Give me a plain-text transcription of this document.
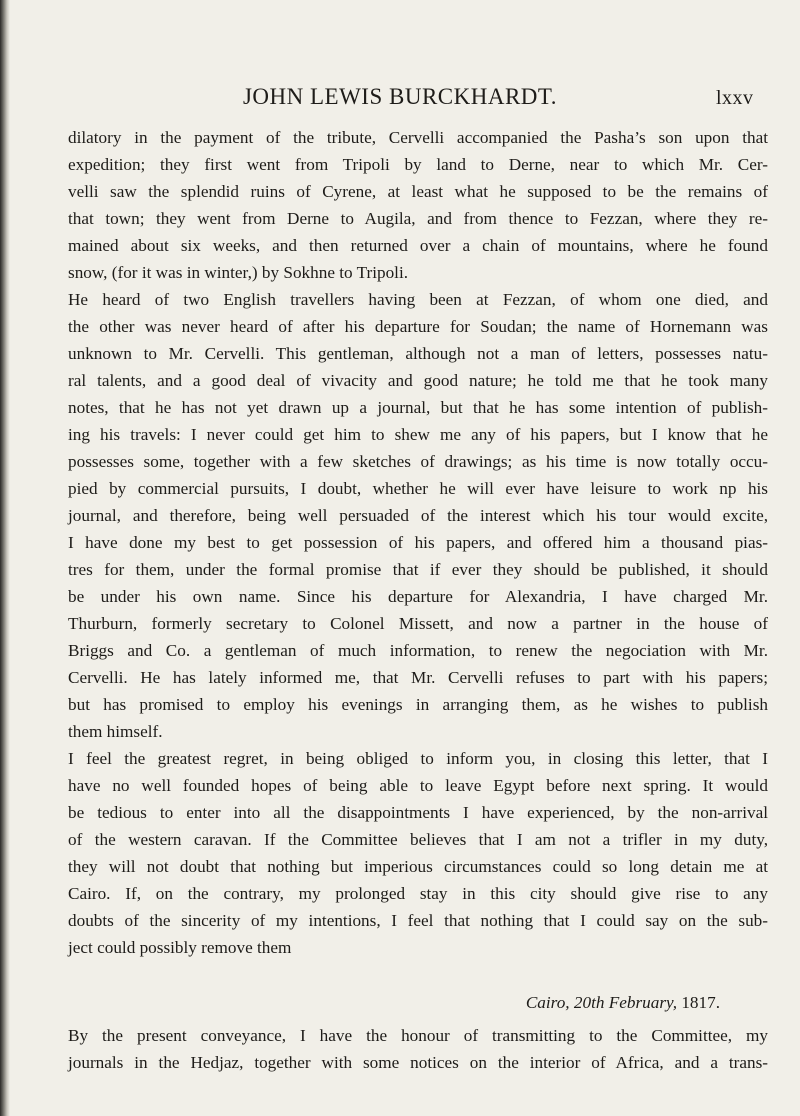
JOHN LEWIS BURCKHARDT.	lxxv
dilatory in the payment of the tribute, Cervelli accompanied the Pasha’s son upon that
expedition; they first went from Tripoli by land to Derne, near to which Mr. Cer-
velli saw the splendid ruins of Cyrene, at least what he supposed to be the remains of
that town; they went from Derne to Augila, and from thence to Fezzan, where they re-
mained about six weeks, and then returned over a chain of mountains, where he found
snow, (for it was in winter,) by Sokhne to Tripoli.
He heard of two English travellers having been at Fezzan, of whom one died, and
the other was never heard of after his departure for Soudan; the name of Hornemann was
unknown to Mr. Cervelli. This gentleman, although not a man of letters, possesses natu-
ral talents, and a good deal of vivacity and good nature; he told me that he took many
notes, that he has not yet drawn up a journal, but that he has some intention of publish-
ing his travels: I never could get him to shew me any of his papers, but I know that he
possesses some, together with a few sketches of drawings; as his time is now totally occu-
pied by commercial pursuits, I doubt, whether he will ever have leisure to work np his
journal, and therefore, being well persuaded of the interest which his tour would excite,
I have done my best to get possession of his papers, and offered him a thousand pias-
tres for them, under the formal promise that if ever they should be published, it should
be under his own name. Since his departure for Alexandria, I have charged Mr.
Thurburn, formerly secretary to Colonel Missett, and now a partner in the house of
Briggs and Co. a gentleman of much information, to renew the negociation with Mr.
Cervelli. He has lately informed me, that Mr. Cervelli refuses to part with his papers;
but has promised to employ his evenings in arranging them, as he wishes to publish
them himself.
I feel the greatest regret, in being obliged to inform you, in closing this letter, that I
have no well founded hopes of being able to leave Egypt before next spring. It would
be tedious to enter into all the disappointments I have experienced, by the non-arrival
of the western caravan. If the Committee believes that I am not a trifler in my duty,
they will not doubt that nothing but imperious circumstances could so long detain me at
Cairo. If, on the contrary, my prolonged stay in this city should give rise to any
doubts of the sincerity of my intentions, I feel that nothing that I could say on the sub-
ject could possibly remove them
Cairo, 20th February, 1817.
By the present conveyance, I have the honour of transmitting to the Committee, my
journals in the Hedjaz, together with some notices on the interior of Africa, and a trans-
